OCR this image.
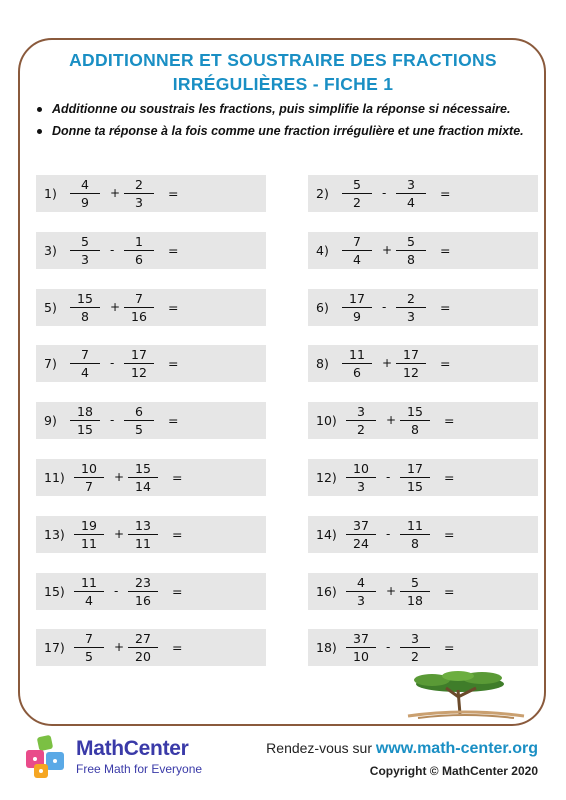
ADDITIONNER ET SOUSTRAIRE DES FRACTIONS
IRRÉGULIÈRES - FICHE 1
Additionne ou soustrais les fractions, puis simplifie la réponse si nécessaire.
Donne ta réponse à la fois comme une fraction irrégulière et une fraction mixte.
$1) \frac{4}{9} + \frac{2}{3}$ =	$2) \frac{5}{2} - \frac{3}{4}$ =
$3) \frac{5}{3} - \frac{1}{6}$ =	$4) \frac{7}{4} + \frac{5}{8}$ =
$5) \frac{15}{8} + \frac{7}{16}$ =	$6) \frac{17}{9} - \frac{2}{3}$ =
$7) \frac{7}{4} - \frac{17}{12}$ =	$8) \frac{11}{6} + \frac{17}{12}$ =
$9) \frac{18}{15} - \frac{6}{5}$ =	$10) \frac{3}{2} + \frac{15}{8}$ =
$11) \frac{10}{7} + \frac{15}{14}$ =	$12) \frac{10}{3} - \frac{17}{15}$ =
$13) \frac{19}{11} + \frac{13}{11}$ =	$14) \frac{37}{24} - \frac{11}{8}$ =
$15) \frac{11}{4} - \frac{23}{16}$ =	$16) \frac{4}{3} + \frac{5}{18}$ =
$17) \frac{7}{5} + \frac{27}{20}$ =	$18) \frac{37}{10} - \frac{3}{2}$ =
MathCenter
Free Math for Everyone
Rendez-vous sur www.math-center.org
Copyright © MathCenter 2020
